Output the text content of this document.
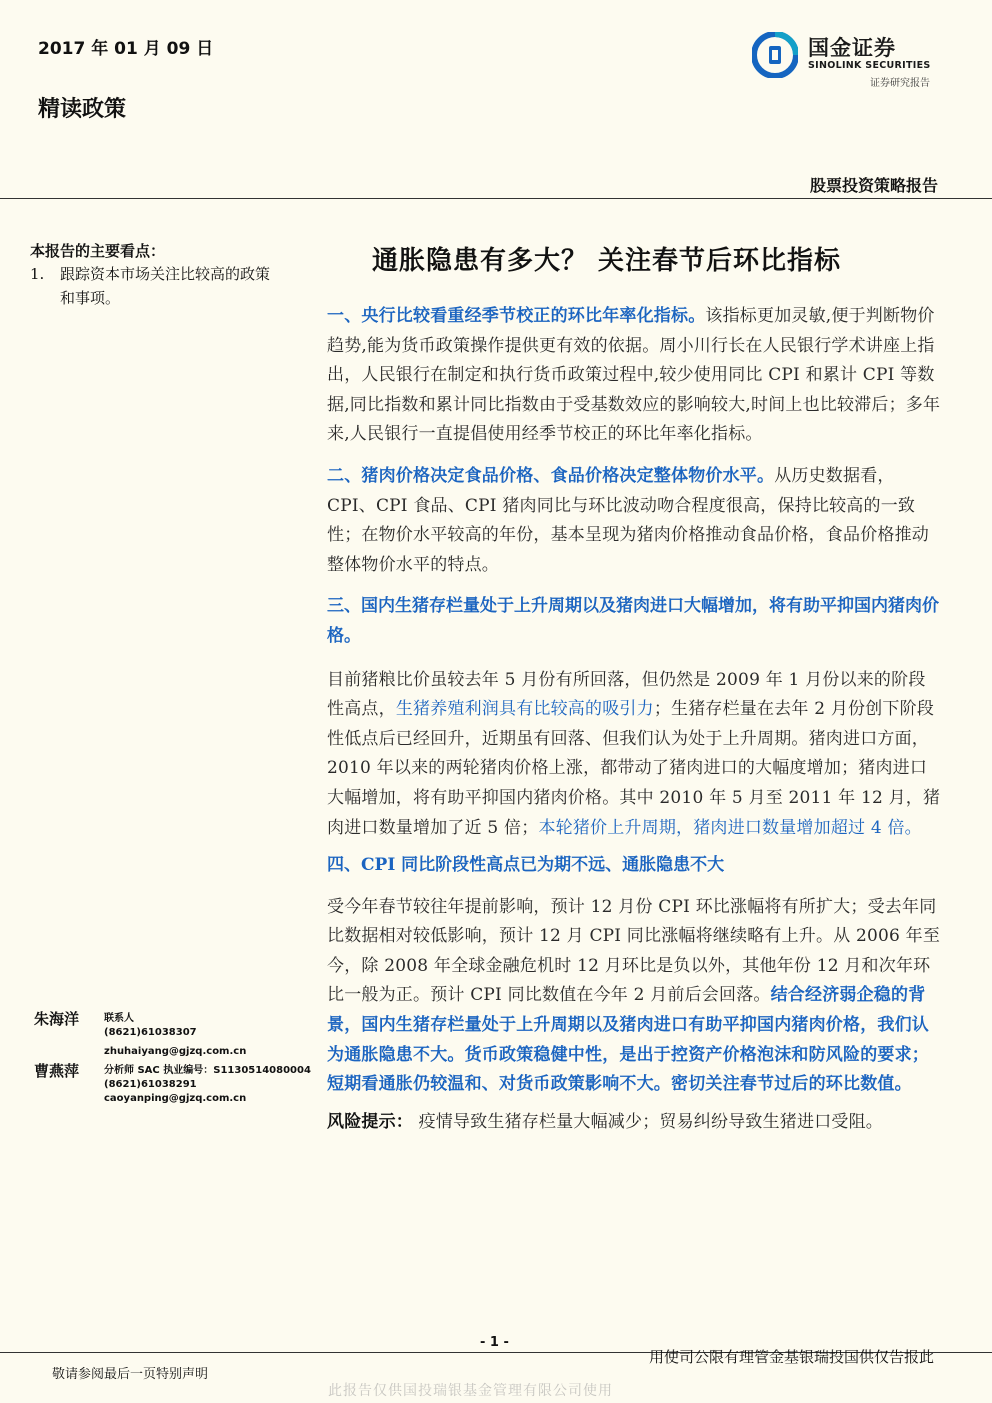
2017 年 01 月 09 日
精读政策
国金证券
SINOLINK SECURITIES
证券研究报告
股票投资策略报告
通胀隐患有多大？ 关注春节后环比指标
本报告的主要看点：
1. 跟踪资本市场关注比较高的政策和事项。
朱海洋 联系人
(8621)61038307
zhuhaiyang@gjzq.com.cn
曹燕萍 分析师 SAC 执业编号：S1130514080004
(8621)61038291
caoyanping@gjzq.com.cn

一、央行比较看重经季节校正的环比年率化指标。该指标更加灵敏,便于判断物价趋势,能为货币政策操作提供更有效的依据。周小川行长在人民银行学术讲座上指出，人民银行在制定和执行货币政策过程中,较少使用同比 CPI 和累计 CPI 等数据,同比指数和累计同比指数由于受基数效应的影响较大,时间上也比较滞后；多年来,人民银行一直提倡使用经季节校正的环比年率化指标。

二、猪肉价格决定食品价格、食品价格决定整体物价水平。从历史数据看，CPI、CPI 食品、CPI 猪肉同比与环比波动吻合程度很高，保持比较高的一致性；在物价水平较高的年份，基本呈现为猪肉价格推动食品价格，食品价格推动整体物价水平的特点。

三、国内生猪存栏量处于上升周期以及猪肉进口大幅增加，将有助平抑国内猪肉价格。

目前猪粮比价虽较去年 5 月份有所回落，但仍然是 2009 年 1 月份以来的阶段性高点，生猪养殖利润具有比较高的吸引力；生猪存栏量在去年 2 月份创下阶段性低点后已经回升，近期虽有回落、但我们认为处于上升周期。猪肉进口方面，2010 年以来的两轮猪肉价格上涨，都带动了猪肉进口的大幅度增加；猪肉进口大幅增加，将有助平抑国内猪肉价格。其中 2010 年 5 月至 2011 年 12 月，猪肉进口数量增加了近 5 倍；本轮猪价上升周期，猪肉进口数量增加超过 4 倍。

四、CPI 同比阶段性高点已为期不远、通胀隐患不大

受今年春节较往年提前影响，预计 12 月份 CPI 环比涨幅将有所扩大；受去年同比数据相对较低影响，预计 12 月 CPI 同比涨幅将继续略有上升。从 2006 年至今，除 2008 年全球金融危机时 12 月环比是负以外，其他年份 12 月和次年环比一般为正。预计 CPI 同比数值在今年 2 月前后会回落。结合经济弱企稳的背景，国内生猪存栏量处于上升周期以及猪肉进口有助平抑国内猪肉价格，我们认为通胀隐患不大。货币政策稳健中性，是出于控资产价格泡沫和防风险的要求；短期看通胀仍较温和、对货币政策影响不大。密切关注春节过后的环比数值。

风险提示： 疫情导致生猪存栏量大幅减少；贸易纠纷导致生猪进口受阻。

- 1 -
敬请参阅最后一页特别声明
用使司公限有理管金基银瑞投国供仅告报此
此报告仅供国投瑞银基金管理有限公司使用
